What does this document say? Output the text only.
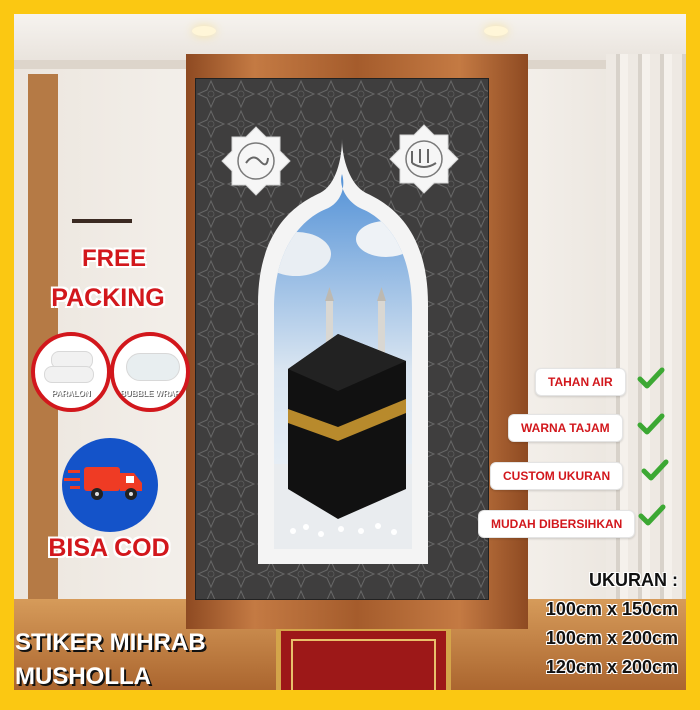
FREE
PACKING
PARALON	BUBBLE WRAP
BISA COD
TAHAN AIR
WARNA TAJAM
CUSTOM UKURAN
MUDAH DIBERSIHKAN
UKURAN :
100cm x 150cm
100cm x 200cm
120cm x 200cm
STIKER MIHRAB
MUSHOLLA
